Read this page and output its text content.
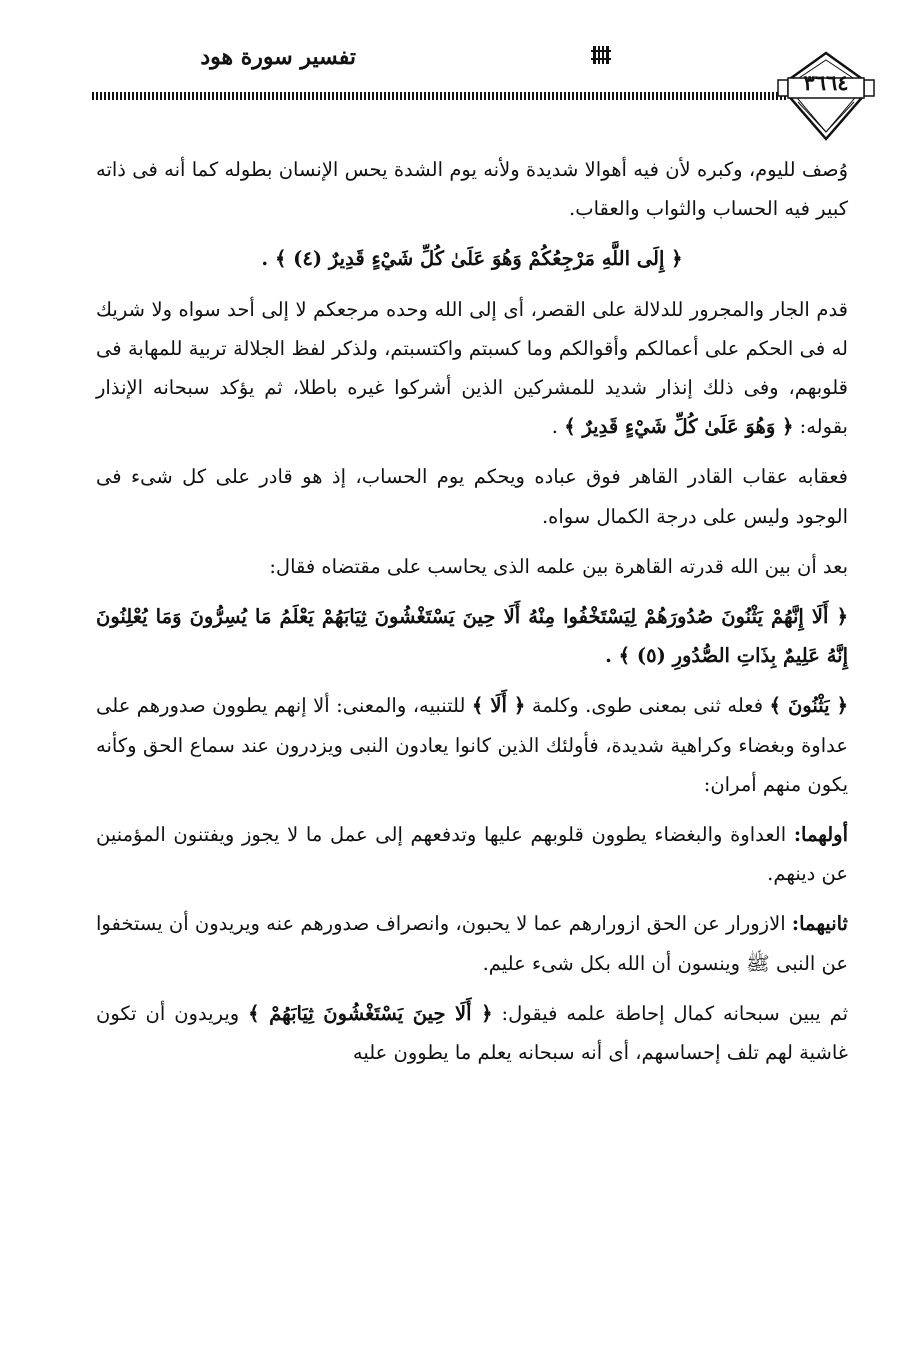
تفسير سورة هود
٣٦٦٤

وُصف لليوم، وكبره لأن فيه أهوالا شديدة ولأنه يوم الشدة يحس الإنسان بطوله كما أنه فى ذاته كبير فيه الحساب والثواب والعقاب.

﴿ إِلَى اللَّهِ مَرْجِعُكُمْ وَهُوَ عَلَىٰ كُلِّ شَيْءٍ قَدِيرٌ (٤) ﴾ .

قدم الجار والمجرور للدلالة على القصر، أى إلى الله وحده مرجعكم لا إلى أحد سواه ولا شريك له فى الحكم على أعمالكم وأقوالكم وما كسبتم واكتسبتم، ولذكر لفظ الجلالة تربية للمهابة فى قلوبهم، وفى ذلك إنذار شديد للمشركين الذين أشركوا غيره باطلا، ثم يؤكد سبحانه الإنذار بقوله: ﴿ وَهُوَ عَلَىٰ كُلِّ شَيْءٍ قَدِيرٌ ﴾ .

فعقابه عقاب القادر القاهر فوق عباده ويحكم يوم الحساب، إذ هو قادر على كل شىء فى الوجود وليس على درجة الكمال سواه.

بعد أن بين الله قدرته القاهرة بين علمه الذى يحاسب على مقتضاه فقال:

﴿ أَلَا إِنَّهُمْ يَثْنُونَ صُدُورَهُمْ لِيَسْتَخْفُوا مِنْهُ أَلَا حِينَ يَسْتَغْشُونَ ثِيَابَهُمْ يَعْلَمُ مَا يُسِرُّونَ وَمَا يُعْلِنُونَ إِنَّهُ عَلِيمٌ بِذَاتِ الصُّدُورِ (٥) ﴾ .

﴿ يَثْنُونَ ﴾ فعله ثنى بمعنى طوى. وكلمة ﴿ أَلَا ﴾ للتنبيه، والمعنى: ألا إنهم يطوون صدورهم على عداوة وبغضاء وكراهية شديدة، فأولئك الذين كانوا يعادون النبى ويزدرون عند سماع الحق وكأنه يكون منهم أمران:

أولهما: العداوة والبغضاء يطوون قلوبهم عليها وتدفعهم إلى عمل ما لا يجوز ويفتنون المؤمنين عن دينهم.

ثانيهما: الازورار عن الحق ازورارهم عما لا يحبون، وانصراف صدورهم عنه ويريدون أن يستخفوا عن النبى ﷺ وينسون أن الله بكل شىء عليم.

ثم يبين سبحانه كمال إحاطة علمه فيقول: ﴿ أَلَا حِينَ يَسْتَغْشُونَ ثِيَابَهُمْ ﴾ ويريدون أن تكون غاشية لهم تلف إحساسهم، أى أنه سبحانه يعلم ما يطوون عليه
